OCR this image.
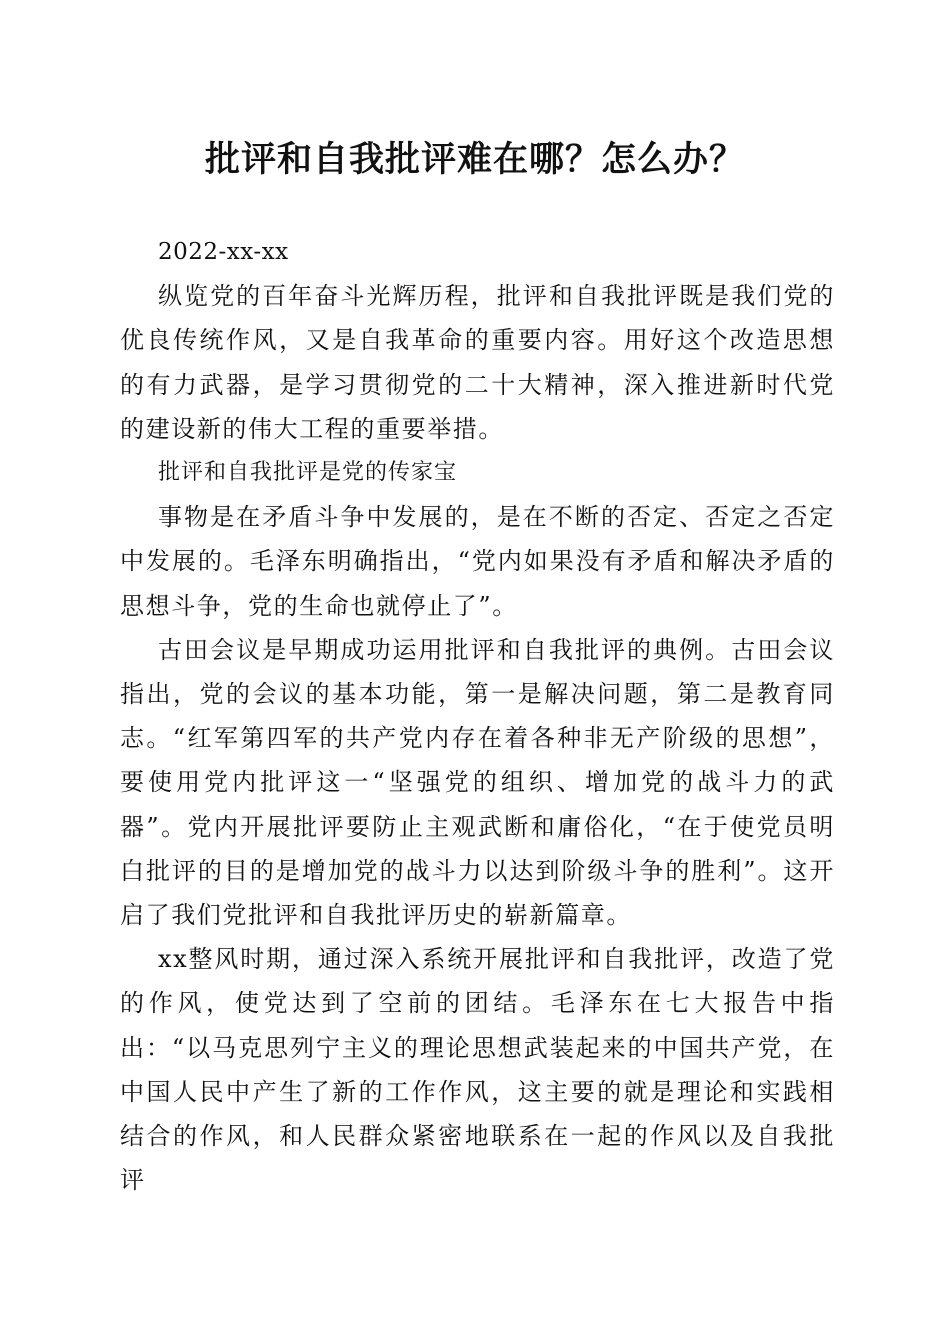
批评和自我批评难在哪？怎么办？

2022-xx-xx

纵览党的百年奋斗光辉历程，批评和自我批评既是我们党的优良传统作风，又是自我革命的重要内容。用好这个改造思想的有力武器，是学习贯彻党的二十大精神，深入推进新时代党的建设新的伟大工程的重要举措。

批评和自我批评是党的传家宝

事物是在矛盾斗争中发展的，是在不断的否定、否定之否定中发展的。毛泽东明确指出，“党内如果没有矛盾和解决矛盾的思想斗争，党的生命也就停止了”。

古田会议是早期成功运用批评和自我批评的典例。古田会议指出，党的会议的基本功能，第一是解决问题，第二是教育同志。“红军第四军的共产党内存在着各种非无产阶级的思想”，要使用党内批评这一“坚强党的组织、增加党的战斗力的武器”。党内开展批评要防止主观武断和庸俗化，“在于使党员明白批评的目的是增加党的战斗力以达到阶级斗争的胜利”。这开启了我们党批评和自我批评历史的崭新篇章。

xx整风时期，通过深入系统开展批评和自我批评，改造了党的作风，使党达到了空前的团结。毛泽东在七大报告中指出：“以马克思列宁主义的理论思想武装起来的中国共产党，在中国人民中产生了新的工作作风，这主要的就是理论和实践相结合的作风，和人民群众紧密地联系在一起的作风以及自我批评
